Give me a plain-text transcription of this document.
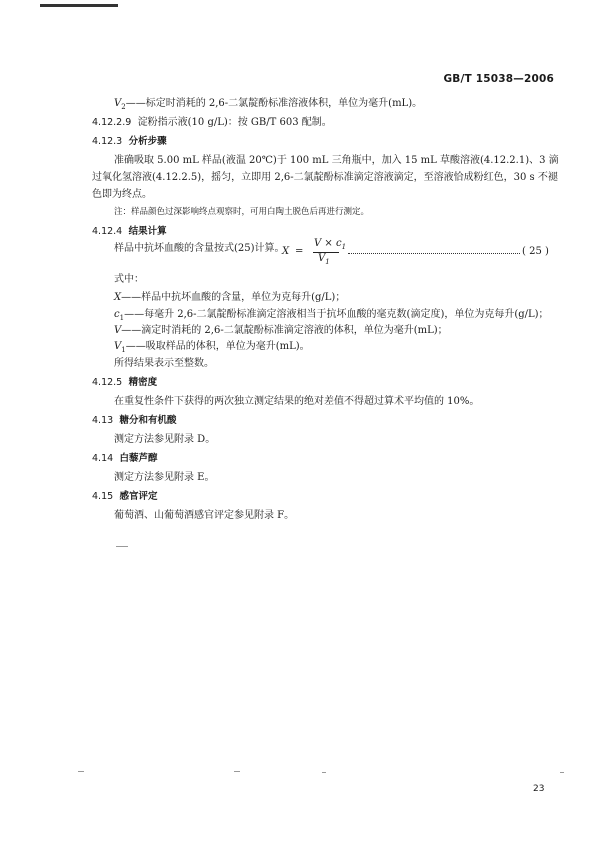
GB/T 15038—2006
$V_2——$标定时消耗的 2,6-二氯靛酚标准溶液体积，单位为毫升(mL)。
4.12.2.9 淀粉指示液(10 g/L)：按 GB/T 603 配制。
4.12.3 分析步骤
准确吸取 5.00 mL 样品(液温 20℃)于 100 mL 三角瓶中，加入 15 mL 草酸溶液(4.12.2.1)、3 滴
过氧化氢溶液(4.12.2.5)，摇匀，立即用 2,6-二氯靛酚标准滴定溶液滴定，至溶液恰成粉红色，30 s 不褪
色即为终点。
注：样品颜色过深影响终点观察时，可用白陶土脱色后再进行测定。
4.12.4 结果计算
样品中抗坏血酸的含量按式(25)计算。
X =
$V \times c_1$
$V_1$
( 25 )
式中：
X——样品中抗坏血酸的含量，单位为克每升(g/L)；
$c_1——$每毫升 2,6-二氯靛酚标准滴定溶液相当于抗坏血酸的毫克数(滴定度)，单位为克每升(g/L)；
V——滴定时消耗的 2,6-二氯靛酚标准滴定溶液的体积，单位为毫升(mL)；
$V_1——$吸取样品的体积，单位为毫升(mL)。
所得结果表示至整数。
4.12.5 精密度
在重复性条件下获得的两次独立测定结果的绝对差值不得超过算术平均值的 10%。
4.13 糖分和有机酸
测定方法参见附录 D。
4.14 白藜芦醇
测定方法参见附录 E。
4.15 感官评定
葡萄酒、山葡萄酒感官评定参见附录 F。
23
